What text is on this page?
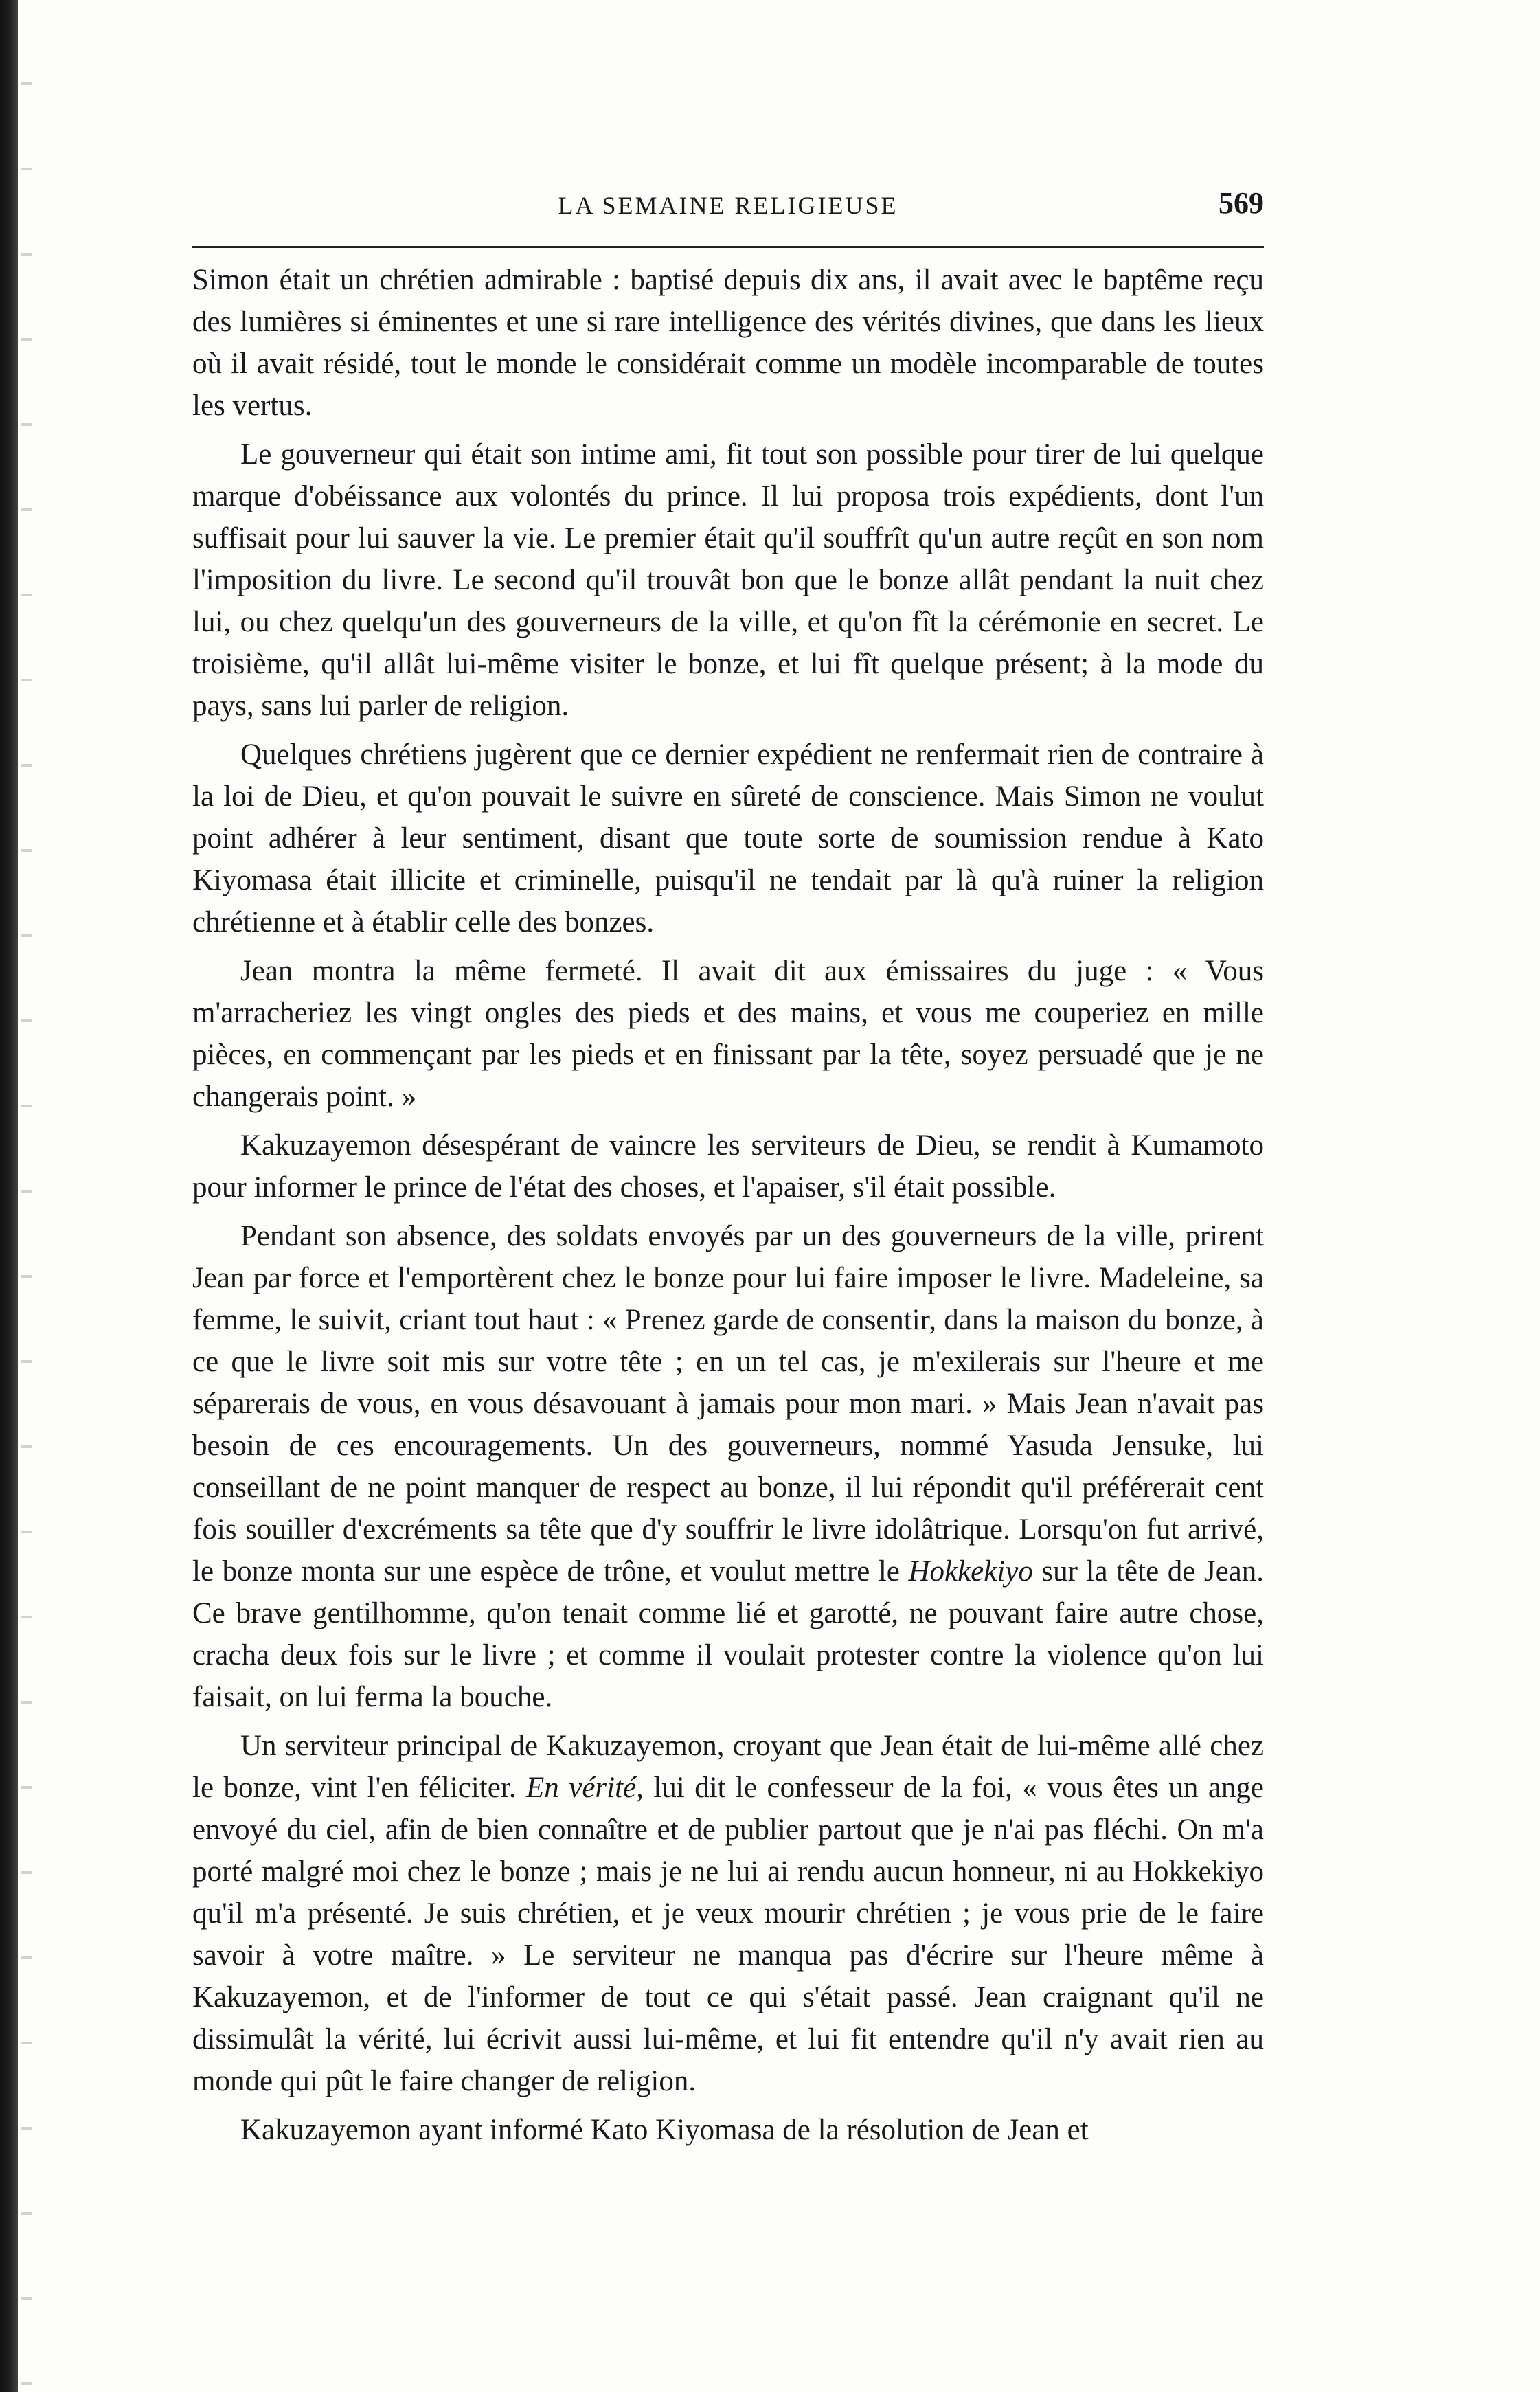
LA SEMAINE RELIGIEUSE	569

Simon était un chrétien admirable : baptisé depuis dix ans, il avait avec le baptême reçu des lumières si éminentes et une si rare intelligence des vérités divines, que dans les lieux où il avait résidé, tout le monde le considérait comme un modèle incomparable de toutes les vertus.

Le gouverneur qui était son intime ami, fit tout son possible pour tirer de lui quelque marque d'obéissance aux volontés du prince. Il lui proposa trois expédients, dont l'un suffisait pour lui sauver la vie. Le premier était qu'il souffrît qu'un autre reçût en son nom l'imposition du livre. Le second qu'il trouvât bon que le bonze allât pendant la nuit chez lui, ou chez quelqu'un des gouverneurs de la ville, et qu'on fît la cérémonie en secret. Le troisième, qu'il allât lui-même visiter le bonze, et lui fît quelque présent; à la mode du pays, sans lui parler de religion.

Quelques chrétiens jugèrent que ce dernier expédient ne renfermait rien de contraire à la loi de Dieu, et qu'on pouvait le suivre en sûreté de conscience. Mais Simon ne voulut point adhérer à leur sentiment, disant que toute sorte de soumission rendue à Kato Kiyomasa était illicite et criminelle, puisqu'il ne tendait par là qu'à ruiner la religion chrétienne et à établir celle des bonzes.

Jean montra la même fermeté. Il avait dit aux émissaires du juge : « Vous m'arracheriez les vingt ongles des pieds et des mains, et vous me couperiez en mille pièces, en commençant par les pieds et en finissant par la tête, soyez persuadé que je ne changerais point. »

Kakuzayemon désespérant de vaincre les serviteurs de Dieu, se rendit à Kumamoto pour informer le prince de l'état des choses, et l'apaiser, s'il était possible.

Pendant son absence, des soldats envoyés par un des gouverneurs de la ville, prirent Jean par force et l'emportèrent chez le bonze pour lui faire imposer le livre. Madeleine, sa femme, le suivit, criant tout haut : « Prenez garde de consentir, dans la maison du bonze, à ce que le livre soit mis sur votre tête ; en un tel cas, je m'exilerais sur l'heure et me séparerais de vous, en vous désavouant à jamais pour mon mari. » Mais Jean n'avait pas besoin de ces encouragements. Un des gouverneurs, nommé Yasuda Jensuke, lui conseillant de ne point manquer de respect au bonze, il lui répondit qu'il préférerait cent fois souiller d'excréments sa tête que d'y souffrir le livre idolâtrique. Lorsqu'on fut arrivé, le bonze monta sur une espèce de trône, et voulut mettre le Hokkekiyo sur la tête de Jean. Ce brave gentilhomme, qu'on tenait comme lié et garotté, ne pouvant faire autre chose, cracha deux fois sur le livre ; et comme il voulait protester contre la violence qu'on lui faisait, on lui ferma la bouche.

Un serviteur principal de Kakuzayemon, croyant que Jean était de lui-même allé chez le bonze, vint l'en féliciter. En vérité, lui dit le confesseur de la foi, « vous êtes un ange envoyé du ciel, afin de bien connaître et de publier partout que je n'ai pas fléchi. On m'a porté malgré moi chez le bonze ; mais je ne lui ai rendu aucun honneur, ni au Hokkekiyo qu'il m'a présenté. Je suis chrétien, et je veux mourir chrétien ; je vous prie de le faire savoir à votre maître. » Le serviteur ne manqua pas d'écrire sur l'heure même à Kakuzayemon, et de l'informer de tout ce qui s'était passé. Jean craignant qu'il ne dissimulât la vérité, lui écrivit aussi lui-même, et lui fit entendre qu'il n'y avait rien au monde qui pût le faire changer de religion.

Kakuzayemon ayant informé Kato Kiyomasa de la résolution de Jean et
